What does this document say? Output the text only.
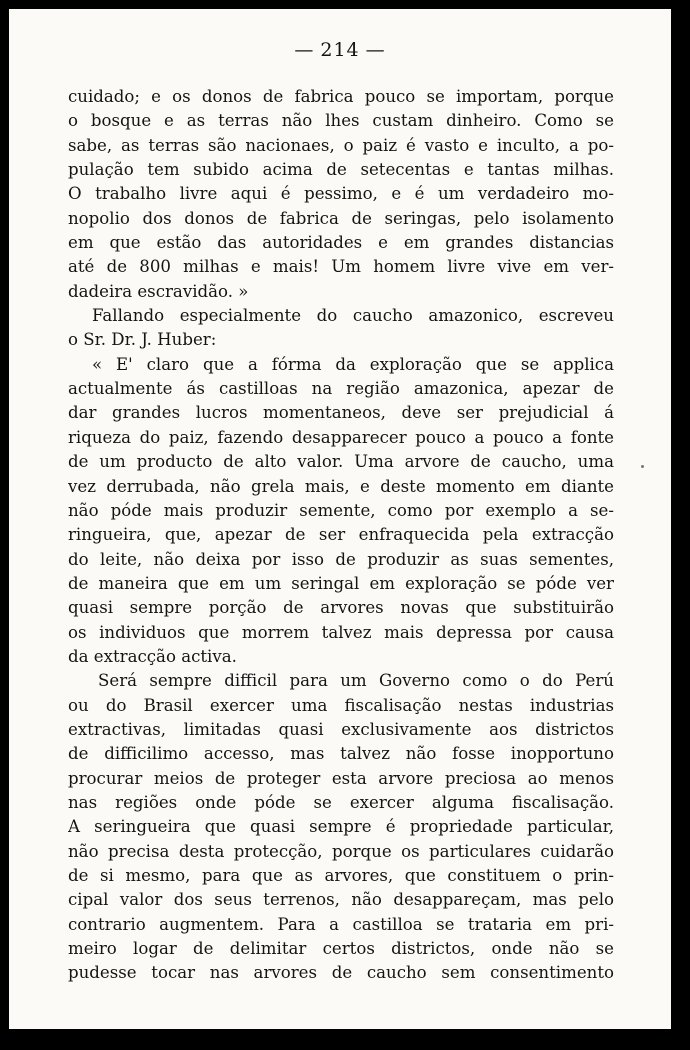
— 214 —
cuidado; e os donos de fabrica pouco se importam, porque
o bosque e as terras não lhes custam dinheiro. Como se
sabe, as terras são nacionaes, o paiz é vasto e inculto, a po-
pulação tem subido acima de setecentas e tantas milhas.
O trabalho livre aqui é pessimo, e é um verdadeiro mo-
nopolio dos donos de fabrica de seringas, pelo isolamento
em que estão das autoridades e em grandes distancias
até de 800 milhas e mais! Um homem livre vive em ver-
dadeira escravidão. »
Fallando especialmente do caucho amazonico, escreveu
o Sr. Dr. J. Huber:
« E' claro que a fórma da exploração que se applica
actualmente ás castilloas na região amazonica, apezar de
dar grandes lucros momentaneos, deve ser prejudicial á
riqueza do paiz, fazendo desapparecer pouco a pouco a fonte
de um producto de alto valor. Uma arvore de caucho, uma
vez derrubada, não grela mais, e deste momento em diante
não póde mais produzir semente, como por exemplo a se-
ringueira, que, apezar de ser enfraquecida pela extracção
do leite, não deixa por isso de produzir as suas sementes,
de maneira que em um seringal em exploração se póde ver
quasi sempre porção de arvores novas que substituirão
os individuos que morrem talvez mais depressa por causa
da extracção activa.
Será sempre difficil para um Governo como o do Perú
ou do Brasil exercer uma fiscalisação nestas industrias
extractivas, limitadas quasi exclusivamente aos districtos
de difficilimo accesso, mas talvez não fosse inopportuno
procurar meios de proteger esta arvore preciosa ao menos
nas regiões onde póde se exercer alguma fiscalisação.
A seringueira que quasi sempre é propriedade particular,
não precisa desta protecção, porque os particulares cuidarão
de si mesmo, para que as arvores, que constituem o prin-
cipal valor dos seus terrenos, não desappareçam, mas pelo
contrario augmentem. Para a castilloa se trataria em pri-
meiro logar de delimitar certos districtos, onde não se
pudesse tocar nas arvores de caucho sem consentimento
